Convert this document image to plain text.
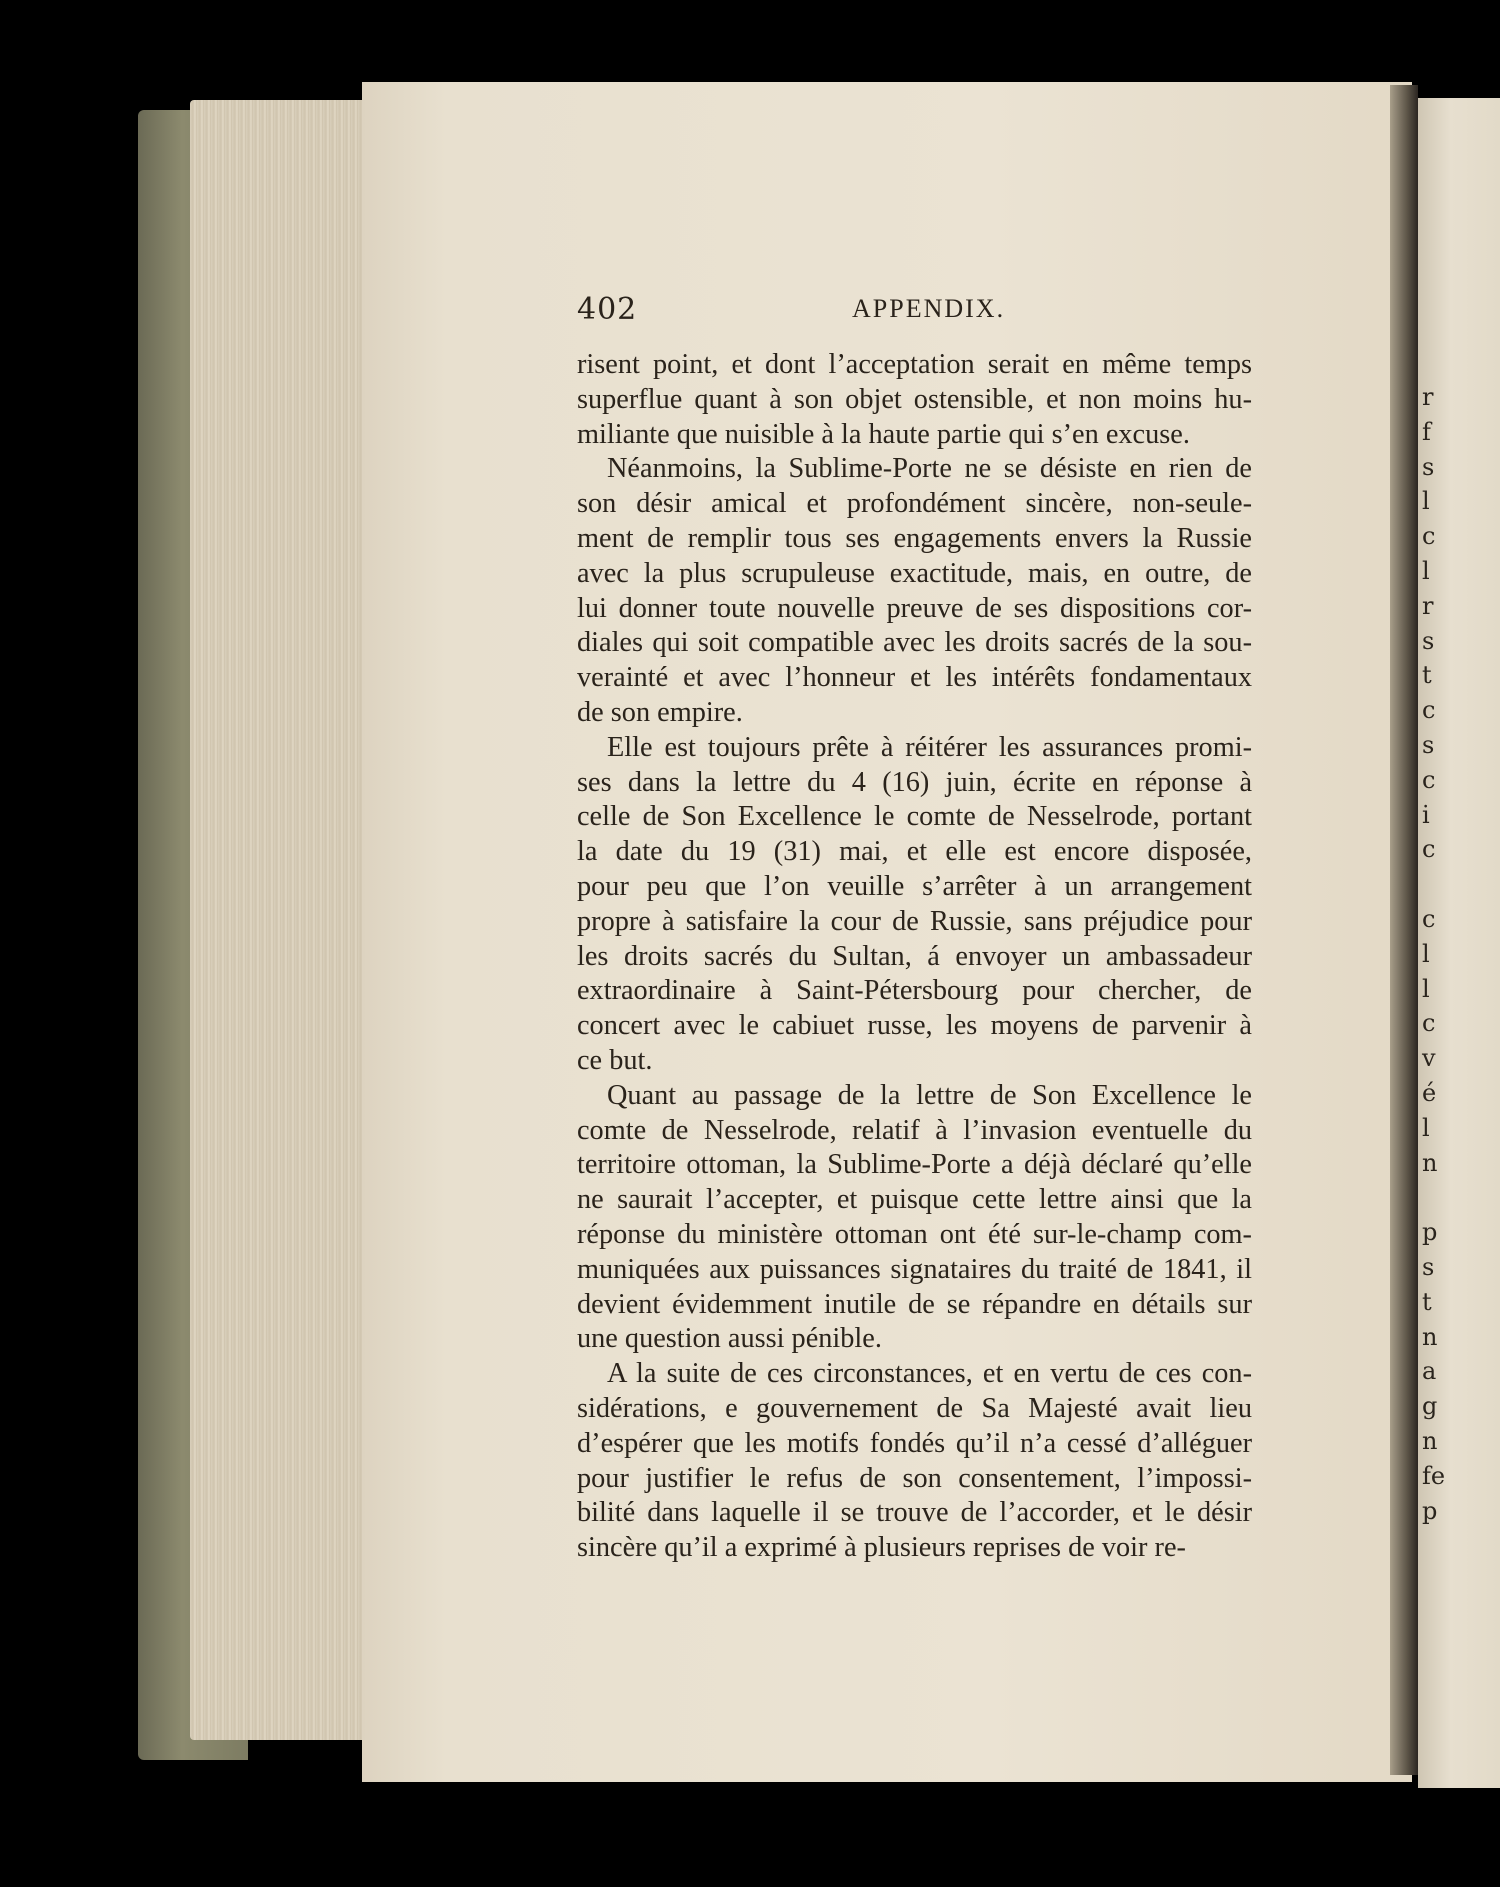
r
f
s
l
c
l
r
s
t
c
s
c
i
c
c
l
l
c
v
é
l
n
p
s
t
n
a
g
n
fe
p
402	APPENDIX.

risent point, et dont l’acceptation serait en même temps
superflue quant à son objet ostensible, et non moins hu-
miliante que nuisible à la haute partie qui s’en excuse.

Néanmoins, la Sublime-Porte ne se désiste en rien de
son désir amical et profondément sincère, non-seule-
ment de remplir tous ses engagements envers la Russie
avec la plus scrupuleuse exactitude, mais, en outre, de
lui donner toute nouvelle preuve de ses dispositions cor-
diales qui soit compatible avec les droits sacrés de la sou-
verainté et avec l’honneur et les intérêts fondamentaux
de son empire.

Elle est toujours prête à réitérer les assurances promi-
ses dans la lettre du 4 (16) juin, écrite en réponse à
celle de Son Excellence le comte de Nesselrode, portant
la date du 19 (31) mai, et elle est encore disposée,
pour peu que l’on veuille s’arrêter à un arrangement
propre à satisfaire la cour de Russie, sans préjudice pour
les droits sacrés du Sultan, á envoyer un ambassadeur
extraordinaire à Saint-Pétersbourg pour chercher, de
concert avec le cabiuet russe, les moyens de parvenir à
ce but.

Quant au passage de la lettre de Son Excellence le
comte de Nesselrode, relatif à l’invasion eventuelle du
territoire ottoman, la Sublime-Porte a déjà déclaré qu’elle
ne saurait l’accepter, et puisque cette lettre ainsi que la
réponse du ministère ottoman ont été sur-le-champ com-
muniquées aux puissances signataires du traité de 1841, il
devient évidemment inutile de se répandre en détails sur
une question aussi pénible.

A la suite de ces circonstances, et en vertu de ces con-
sidérations, e gouvernement de Sa Majesté avait lieu
d’espérer que les motifs fondés qu’il n’a cessé d’alléguer
pour justifier le refus de son consentement, l’impossi-
bilité dans laquelle il se trouve de l’accorder, et le désir
sincère qu’il a exprimé à plusieurs reprises de voir re-
